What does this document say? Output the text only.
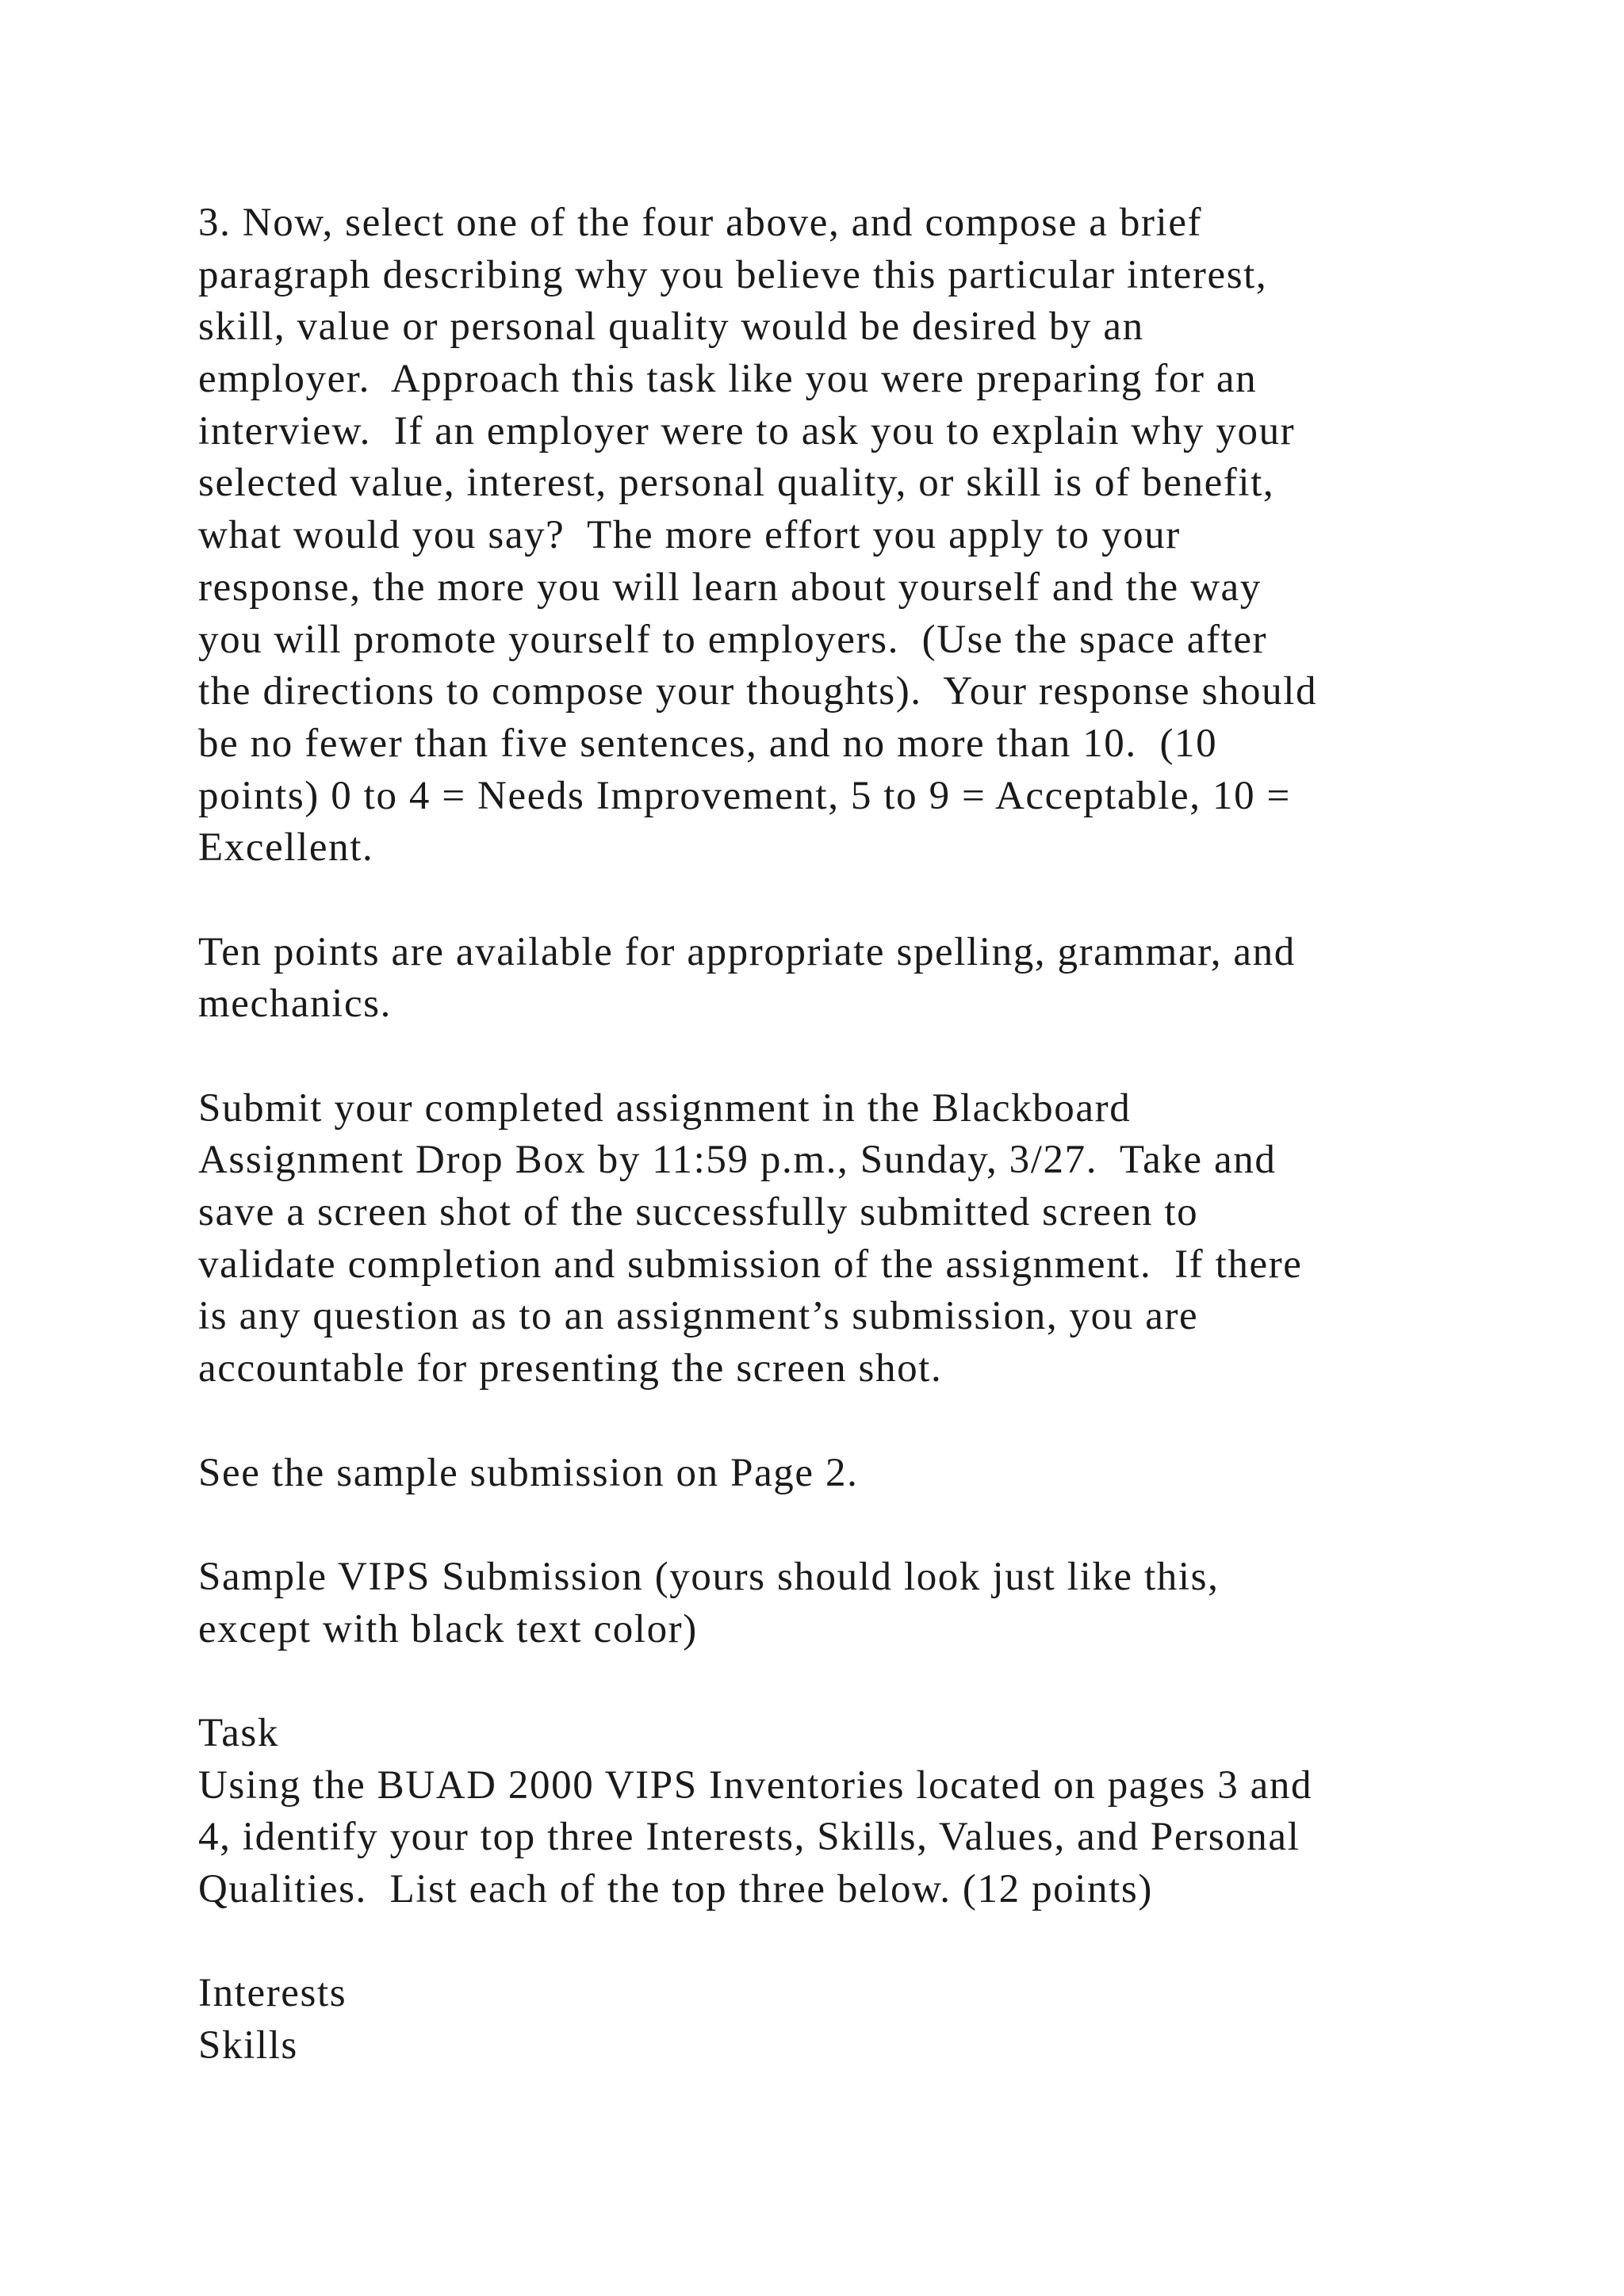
3. Now, select one of the four above, and compose a brief
paragraph describing why you believe this particular interest,
skill, value or personal quality would be desired by an
employer.  Approach this task like you were preparing for an
interview.  If an employer were to ask you to explain why your
selected value, interest, personal quality, or skill is of benefit,
what would you say?  The more effort you apply to your
response, the more you will learn about yourself and the way
you will promote yourself to employers.  (Use the space after
the directions to compose your thoughts).  Your response should
be no fewer than five sentences, and no more than 10.  (10
points) 0 to 4 = Needs Improvement, 5 to 9 = Acceptable, 10 =
Excellent.
Ten points are available for appropriate spelling, grammar, and
mechanics.
Submit your completed assignment in the Blackboard
Assignment Drop Box by 11:59 p.m., Sunday, 3/27.  Take and
save a screen shot of the successfully submitted screen to
validate completion and submission of the assignment.  If there
is any question as to an assignment’s submission, you are
accountable for presenting the screen shot.
See the sample submission on Page 2.
Sample VIPS Submission (yours should look just like this,
except with black text color)
Task
Using the BUAD 2000 VIPS Inventories located on pages 3 and
4, identify your top three Interests, Skills, Values, and Personal
Qualities.  List each of the top three below. (12 points)
Interests
Skills
